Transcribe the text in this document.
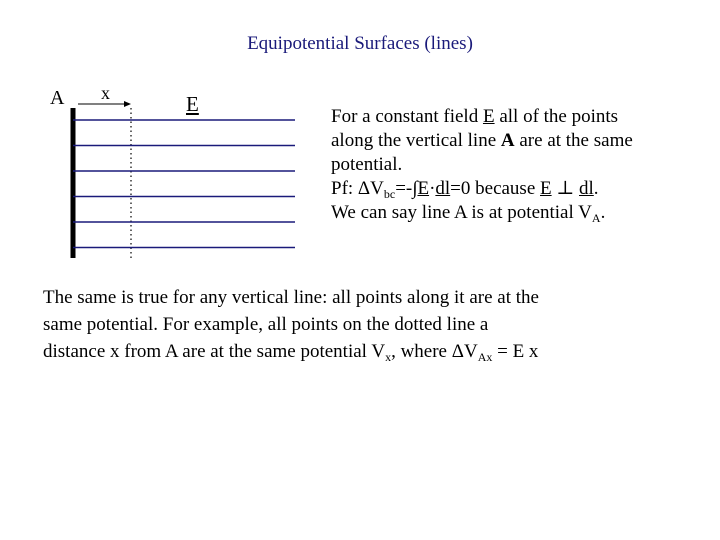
Equipotential Surfaces (lines)
A x	E
For a constant field E all of the points
along the vertical line A are at the same
potential.
Pf: $\Delta V_{bc}=-\int E\cdot dl=0$ because E ⊥ dl.
We can say line A is at potential $V_A$.
The same is true for any vertical line: all points along it are at the
same potential. For example, all points on the dotted line a
distance x from A are at the same potential $V_x$, where $\Delta V_{Ax} = E$ x
